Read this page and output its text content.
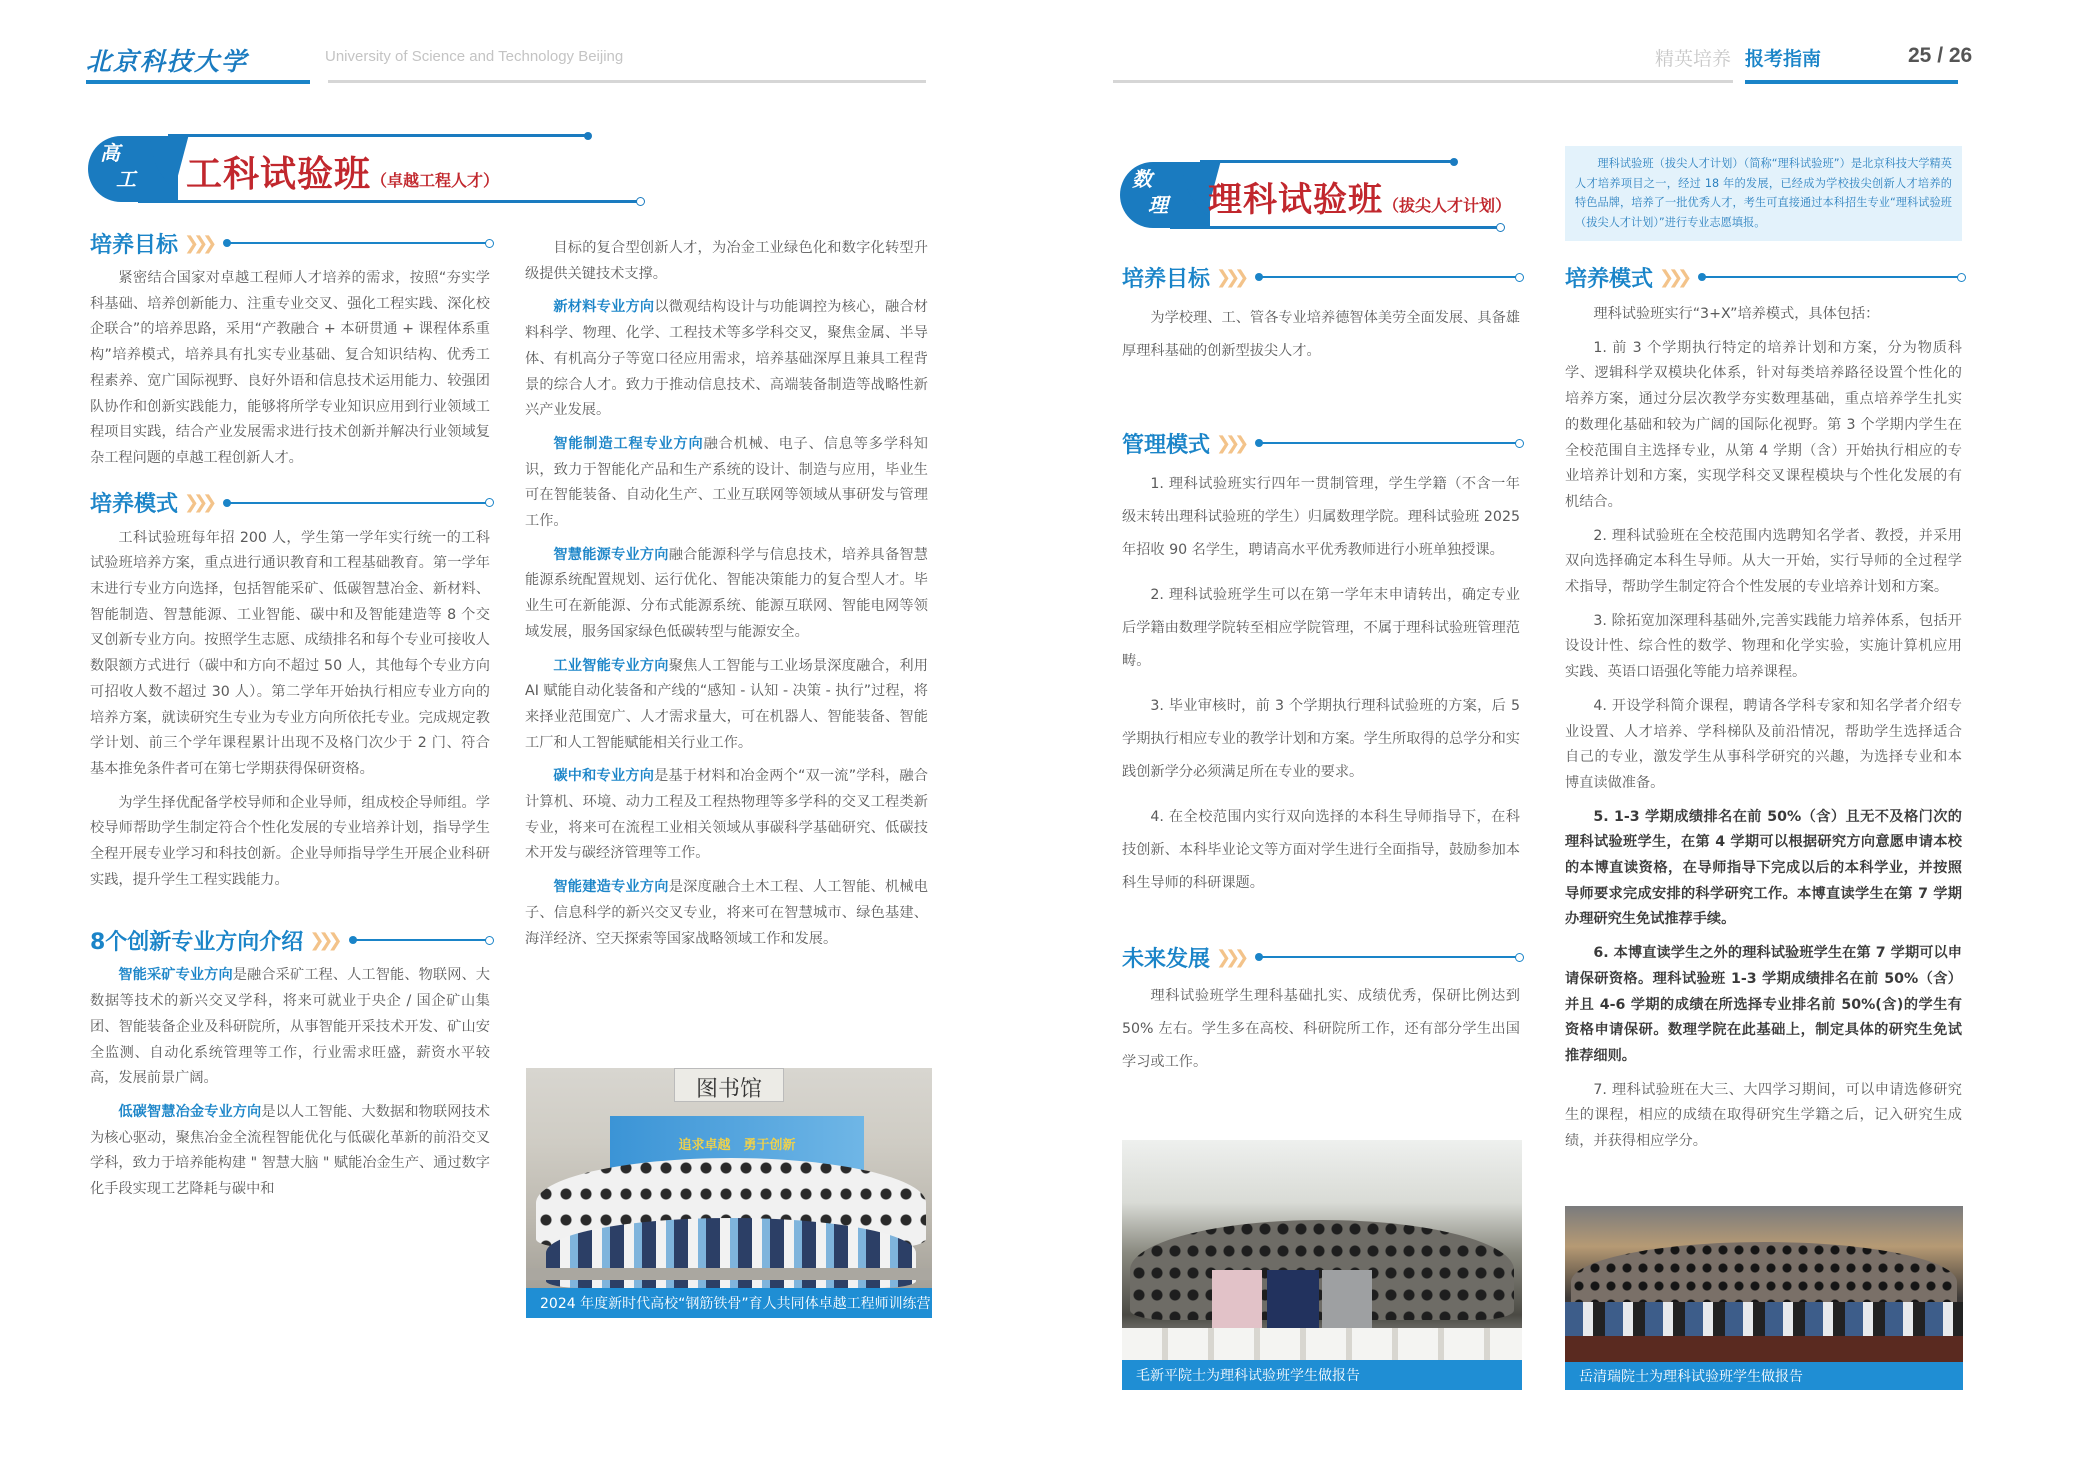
北京科技大学	University of Science and Technology Beijing	精英培养 报考指南	25 / 26
高
工 工科试验班（卓越工程人才）
培养目标 ❯❯❯

紧密结合国家对卓越工程师人才培养的需求，按照“夯实学科基础、培养创新能力、注重专业交叉、强化工程实践、深化校企联合”的培养思路，采用“产教融合 + 本研贯通 + 课程体系重构”培养模式，培养具有扎实专业基础、复合知识结构、优秀工程素养、宽广国际视野、良好外语和信息技术运用能力、较强团队协作和创新实践能力，能够将所学专业知识应用到行业领域工程项目实践，结合产业发展需求进行技术创新并解决行业领域复杂工程问题的卓越工程创新人才。

培养模式 ❯❯❯

工科试验班每年招 200 人，学生第一学年实行统一的工科试验班培养方案，重点进行通识教育和工程基础教育。第一学年末进行专业方向选择，包括智能采矿、低碳智慧冶金、新材料、智能制造、智慧能源、工业智能、碳中和及智能建造等 8 个交叉创新专业方向。按照学生志愿、成绩排名和每个专业可接收人数限额方式进行（碳中和方向不超过 50 人，其他每个专业方向可招收人数不超过 30 人）。第二学年开始执行相应专业方向的培养方案，就读研究生专业为专业方向所依托专业。完成规定教学计划、前三个学年课程累计出现不及格门次少于 2 门、符合基本推免条件者可在第七学期获得保研资格。

为学生择优配备学校导师和企业导师，组成校企导师组。学校导师帮助学生制定符合个性化发展的专业培养计划，指导学生全程开展专业学习和科技创新。企业导师指导学生开展企业科研实践，提升学生工程实践能力。

8个创新专业方向介绍 ❯❯❯

智能采矿专业方向是融合采矿工程、人工智能、物联网、大数据等技术的新兴交叉学科，将来可就业于央企 / 国企矿山集团、智能装备企业及科研院所，从事智能开采技术开发、矿山安全监测、自动化系统管理等工作，行业需求旺盛，薪资水平较高，发展前景广阔。

低碳智慧冶金专业方向是以人工智能、大数据和物联网技术为核心驱动，聚焦冶金全流程智能优化与低碳化革新的前沿交叉学科，致力于培养能构建 " 智慧大脑 " 赋能冶金生产、通过数字化手段实现工艺降耗与碳中和

目标的复合型创新人才，为冶金工业绿色化和数字化转型升级提供关键技术支撑。

新材料专业方向以微观结构设计与功能调控为核心，融合材料科学、物理、化学、工程技术等多学科交叉，聚焦金属、半导体、有机高分子等宽口径应用需求，培养基础深厚且兼具工程背景的综合人才。致力于推动信息技术、高端装备制造等战略性新兴产业发展。

智能制造工程专业方向融合机械、电子、信息等多学科知识，致力于智能化产品和生产系统的设计、制造与应用，毕业生可在智能装备、自动化生产、工业互联网等领域从事研发与管理工作。

智慧能源专业方向融合能源科学与信息技术，培养具备智慧能源系统配置规划、运行优化、智能决策能力的复合型人才。毕业生可在新能源、分布式能源系统、能源互联网、智能电网等领域发展，服务国家绿色低碳转型与能源安全。

工业智能专业方向聚焦人工智能与工业场景深度融合，利用 AI 赋能自动化装备和产线的“感知 - 认知 - 决策 - 执行”过程，将来择业范围宽广、人才需求量大，可在机器人、智能装备、智能工厂和人工智能赋能相关行业工作。

碳中和专业方向是基于材料和冶金两个“双一流”学科，融合计算机、环境、动力工程及工程热物理等多学科的交叉工程类新专业，将来可在流程工业相关领域从事碳科学基础研究、低碳技术开发与碳经济管理等工作。

智能建造专业方向是深度融合土木工程、人工智能、机械电子、信息科学的新兴交叉专业，将来可在智慧城市、绿色基建、海洋经济、空天探索等国家战略领域工作和发展。

图书馆
追求卓越　勇于创新
2024 年度新时代高校“钢筋铁骨”育人共同体卓越工程师训练营
数
理 理科试验班（拔尖人才计划）

理科试验班（拔尖人才计划）（简称“理科试验班”）是北京科技大学精英人才培养项目之一，经过 18 年的发展，已经成为学校拔尖创新人才培养的特色品牌，培养了一批优秀人才，考生可直接通过本科招生专业“理科试验班（拔尖人才计划）”进行专业志愿填报。

培养目标 ❯❯❯

为学校理、工、管各专业培养德智体美劳全面发展、具备雄厚理科基础的创新型拔尖人才。

管理模式 ❯❯❯

1. 理科试验班实行四年一贯制管理，学生学籍（不含一年级末转出理科试验班的学生）归属数理学院。理科试验班 2025 年招收 90 名学生，聘请高水平优秀教师进行小班单独授课。

2. 理科试验班学生可以在第一学年末申请转出，确定专业后学籍由数理学院转至相应学院管理，不属于理科试验班管理范畴。

3. 毕业审核时，前 3 个学期执行理科试验班的方案，后 5 学期执行相应专业的教学计划和方案。学生所取得的总学分和实践创新学分必须满足所在专业的要求。

4. 在全校范围内实行双向选择的本科生导师指导下，在科技创新、本科毕业论文等方面对学生进行全面指导，鼓励参加本科生导师的科研课题。

未来发展 ❯❯❯

理科试验班学生理科基础扎实、成绩优秀，保研比例达到 50% 左右。学生多在高校、科研院所工作，还有部分学生出国学习或工作。

培养模式 ❯❯❯

理科试验班实行“3+X”培养模式，具体包括：

1. 前 3 个学期执行特定的培养计划和方案，分为物质科学、逻辑科学双模块化体系，针对每类培养路径设置个性化的培养方案，通过分层次教学夯实数理基础，重点培养学生扎实的数理化基础和较为广阔的国际化视野。第 3 个学期内学生在全校范围自主选择专业，从第 4 学期（含）开始执行相应的专业培养计划和方案，实现学科交叉课程模块与个性化发展的有机结合。

2. 理科试验班在全校范围内选聘知名学者、教授，并采用双向选择确定本科生导师。从大一开始，实行导师的全过程学术指导，帮助学生制定符合个性发展的专业培养计划和方案。

3. 除拓宽加深理科基础外,完善实践能力培养体系，包括开设设计性、综合性的数学、物理和化学实验，实施计算机应用实践、英语口语强化等能力培养课程。

4. 开设学科简介课程，聘请各学科专家和知名学者介绍专业设置、人才培养、学科梯队及前沿情况，帮助学生选择适合自己的专业，激发学生从事科学研究的兴趣，为选择专业和本博直读做准备。

5. 1-3 学期成绩排名在前 50%（含）且无不及格门次的理科试验班学生，在第 4 学期可以根据研究方向意愿申请本校的本博直读资格，在导师指导下完成以后的本科学业，并按照导师要求完成安排的科学研究工作。本博直读学生在第 7 学期办理研究生免试推荐手续。

6. 本博直读学生之外的理科试验班学生在第 7 学期可以申请保研资格。理科试验班 1-3 学期成绩排名在前 50%（含）并且 4-6 学期的成绩在所选择专业排名前 50%(含)的学生有资格申请保研。数理学院在此基础上，制定具体的研究生免试推荐细则。

7. 理科试验班在大三、大四学习期间，可以申请选修研究生的课程，相应的成绩在取得研究生学籍之后，记入研究生成绩，并获得相应学分。

毛新平院士为理科试验班学生做报告	岳清瑞院士为理科试验班学生做报告
